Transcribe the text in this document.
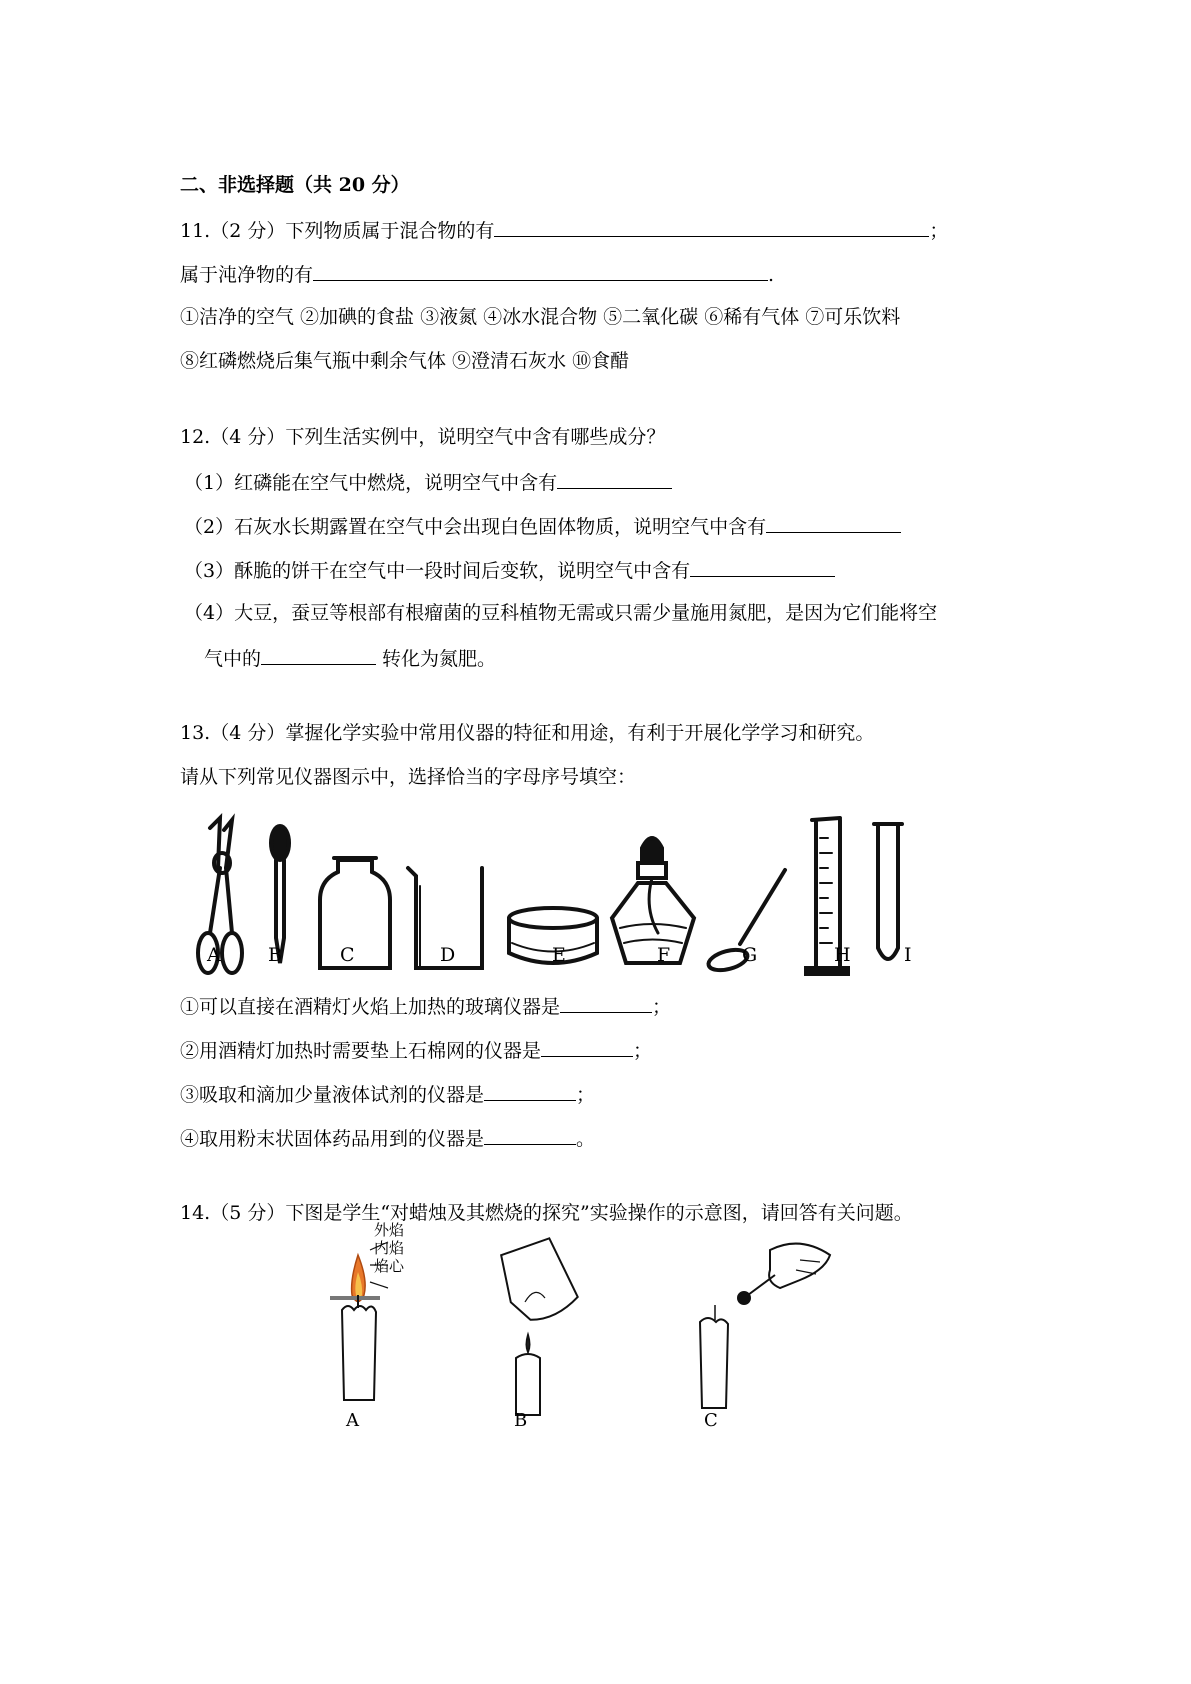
二、非选择题（共 20 分）
11.（2 分）下列物质属于混合物的有	；
属于沌净物的有	.
①洁净的空气 ②加碘的食盐 ③液氮 ④冰水混合物 ⑤二氧化碳 ⑥稀有气体 ⑦可乐饮料
⑧红磷燃烧后集气瓶中剩余气体 ⑨澄清石灰水 ⑩食醋
12.（4 分）下列生活实例中，说明空气中含有哪些成分？
（1）红磷能在空气中燃烧，说明空气中含有
（2）石灰水长期露置在空气中会出现白色固体物质，说明空气中含有
（3）酥脆的饼干在空气中一段时间后变软，说明空气中含有
（4）大豆，蚕豆等根部有根瘤菌的豆科植物无需或只需少量施用氮肥，是因为它们能将空
气中的	转化为氮肥。
13.（4 分）掌握化学实验中常用仪器的特征和用途，有利于开展化学学习和研究。
请从下列常见仪器图示中，选择恰当的字母序号填空：
A B	C	D	E	F	G	H	I
①可以直接在酒精灯火焰上加热的玻璃仪器是	；
②用酒精灯加热时需要垫上石棉网的仪器是	；
③吸取和滴加少量液体试剂的仪器是	；
④取用粉末状固体药品用到的仪器是	。
14.（5 分）下图是学生“对蜡烛及其燃烧的探究”实验操作的示意图，请回答有关问题。
外焰
内焰
焰心
A	B	C
